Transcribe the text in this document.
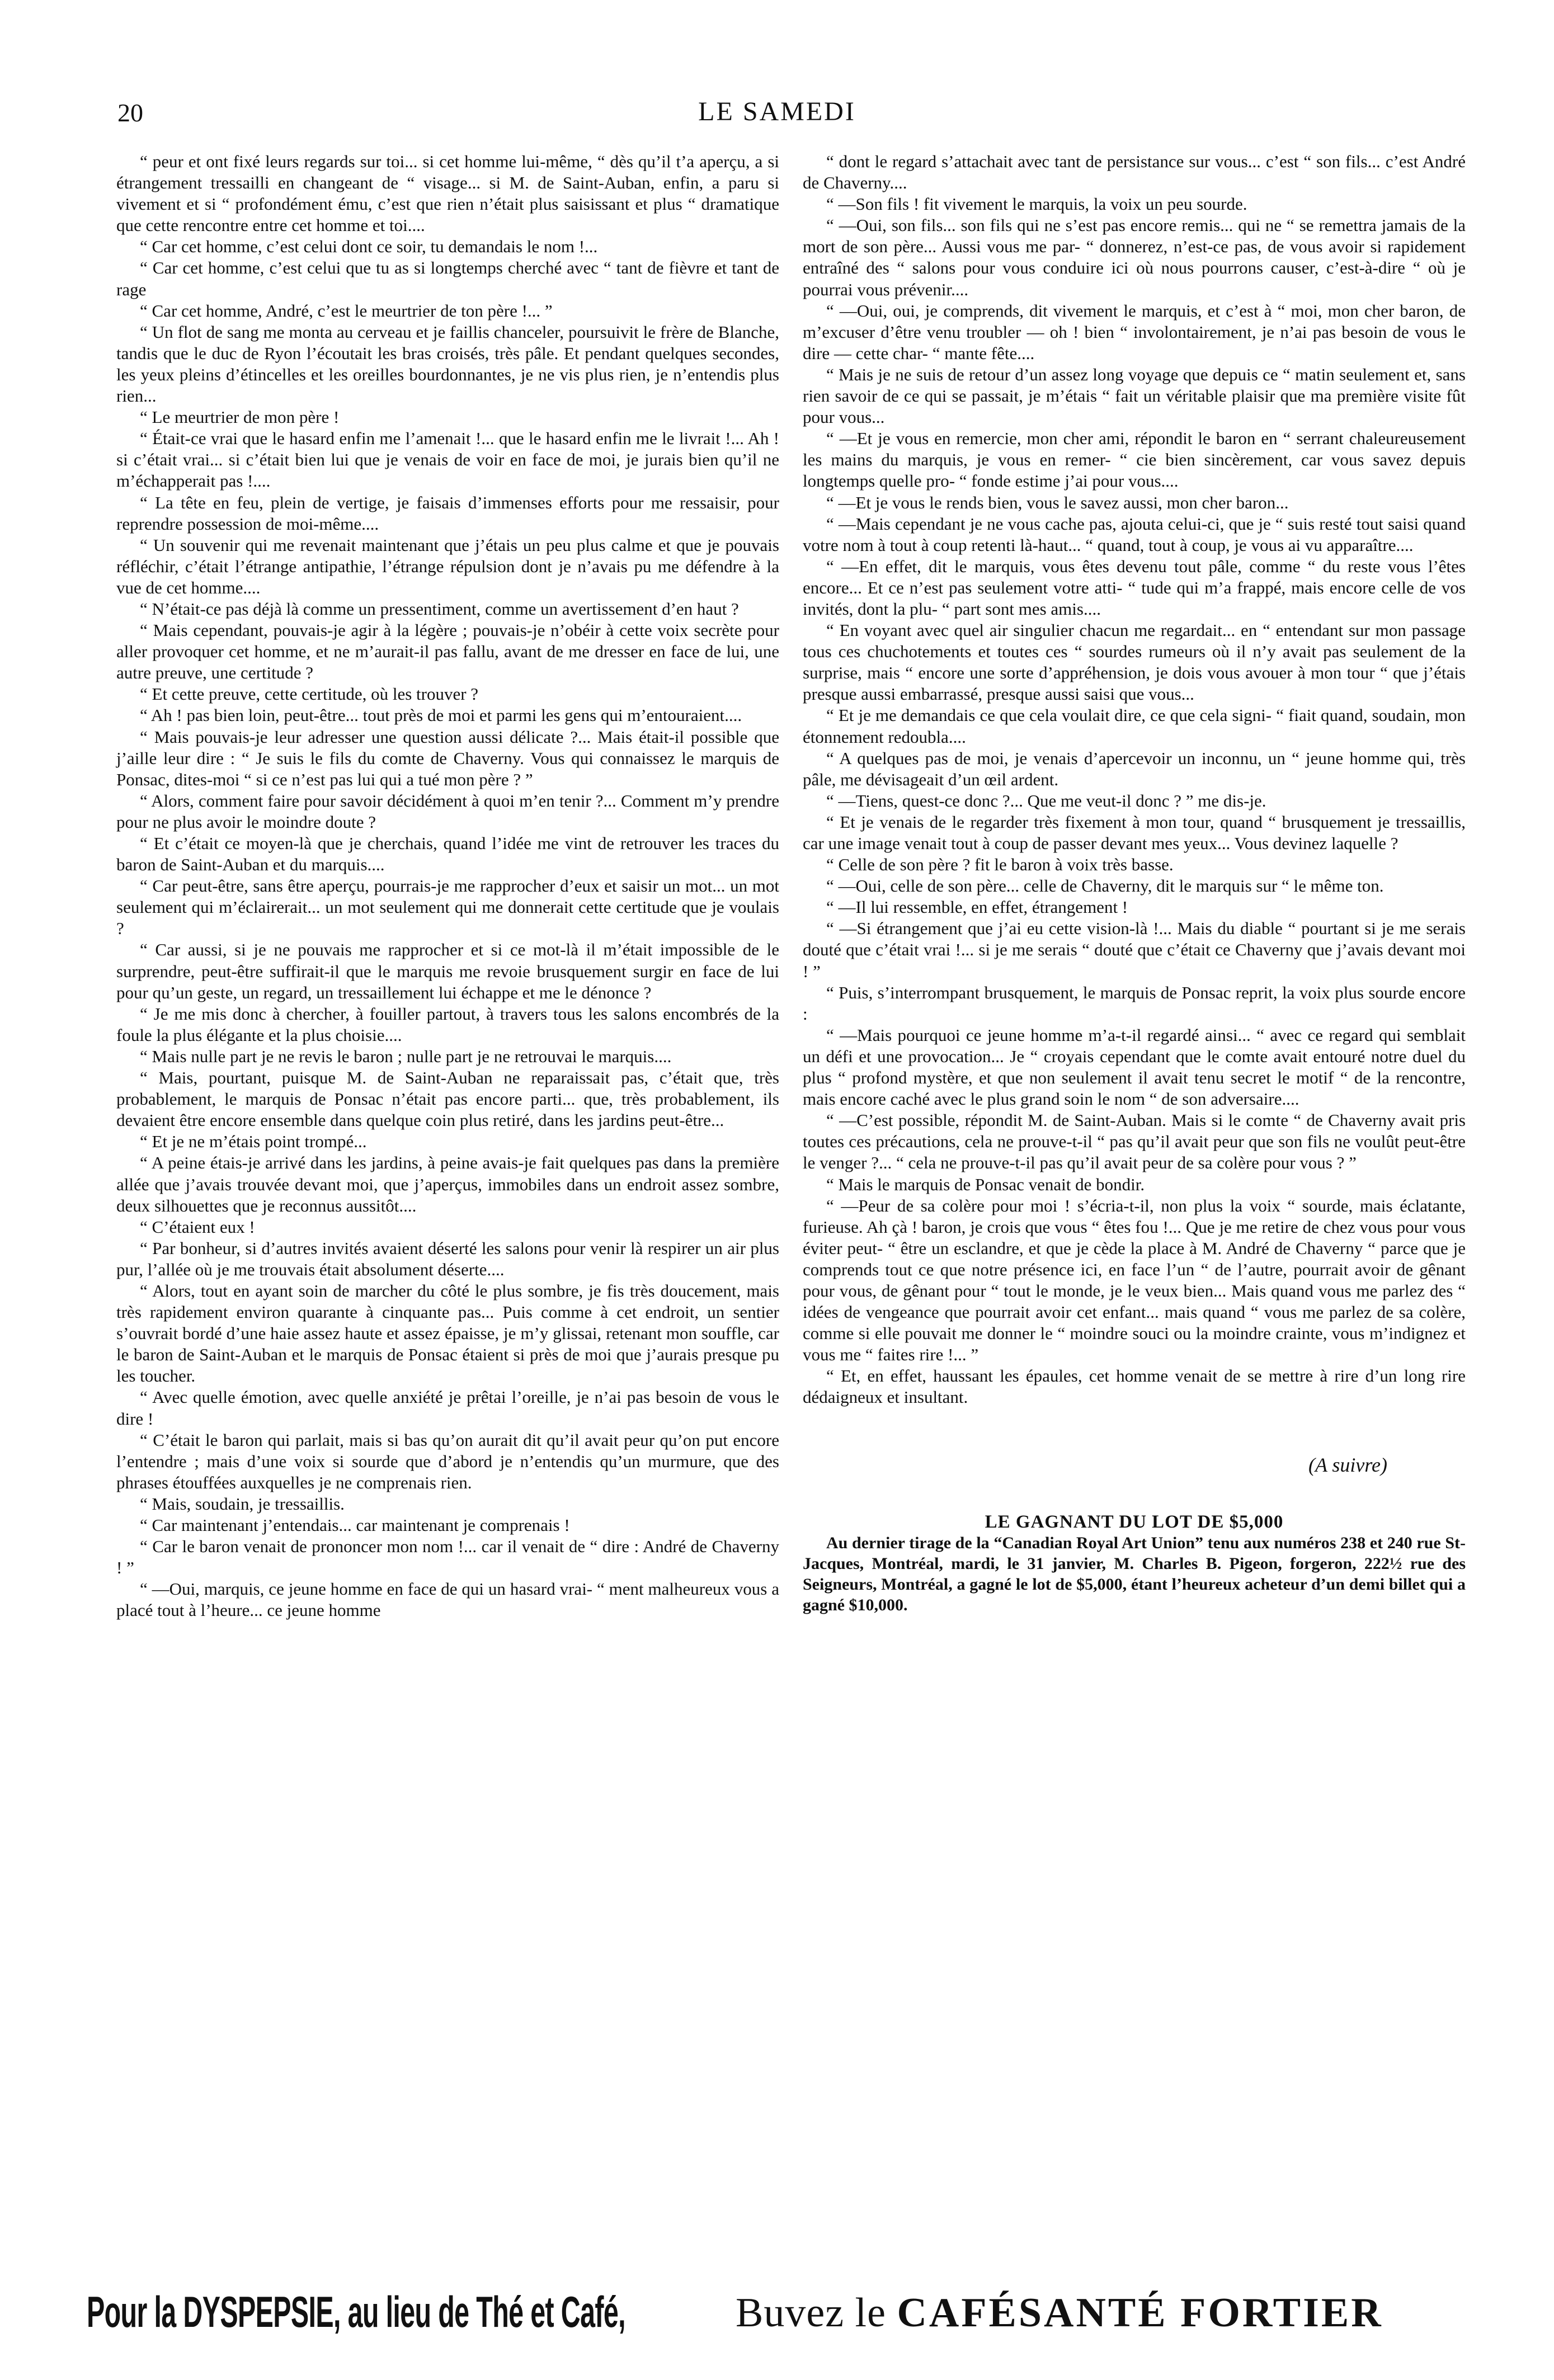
20	LE SAMEDI

“ peur et ont fixé leurs regards sur toi... si cet homme lui-même, “ dès qu’il t’a aperçu, a si étrangement tressailli en changeant de “ visage... si M. de Saint-Auban, enfin, a paru si vivement et si “ profondément ému, c’est que rien n’était plus saisissant et plus “ dramatique que cette rencontre entre cet homme et toi....

“ Car cet homme, c’est celui dont ce soir, tu demandais le nom !...

“ Car cet homme, c’est celui que tu as si longtemps cherché avec “ tant de fièvre et tant de rage

“ Car cet homme, André, c’est le meurtrier de ton père !... ”

“ Un flot de sang me monta au cerveau et je faillis chanceler, poursuivit le frère de Blanche, tandis que le duc de Ryon l’écoutait les bras croisés, très pâle. Et pendant quelques secondes, les yeux pleins d’étincelles et les oreilles bourdonnantes, je ne vis plus rien, je n’entendis plus rien...

“ Le meurtrier de mon père !

“ Était-ce vrai que le hasard enfin me l’amenait !... que le hasard enfin me le livrait !... Ah ! si c’était vrai... si c’était bien lui que je venais de voir en face de moi, je jurais bien qu’il ne m’échapperait pas !....

“ La tête en feu, plein de vertige, je faisais d’immenses efforts pour me ressaisir, pour reprendre possession de moi-même....

“ Un souvenir qui me revenait maintenant que j’étais un peu plus calme et que je pouvais réfléchir, c’était l’étrange antipathie, l’étrange répulsion dont je n’avais pu me défendre à la vue de cet homme....

“ N’était-ce pas déjà là comme un pressentiment, comme un avertissement d’en haut ?

“ Mais cependant, pouvais-je agir à la légère ; pouvais-je n’obéir à cette voix secrète pour aller provoquer cet homme, et ne m’aurait-il pas fallu, avant de me dresser en face de lui, une autre preuve, une certitude ?

“ Et cette preuve, cette certitude, où les trouver ?

“ Ah ! pas bien loin, peut-être... tout près de moi et parmi les gens qui m’entouraient....

“ Mais pouvais-je leur adresser une question aussi délicate ?... Mais était-il possible que j’aille leur dire : “ Je suis le fils du comte de Chaverny. Vous qui connaissez le marquis de Ponsac, dites-moi “ si ce n’est pas lui qui a tué mon père ? ”

“ Alors, comment faire pour savoir décidément à quoi m’en tenir ?... Comment m’y prendre pour ne plus avoir le moindre doute ?

“ Et c’était ce moyen-là que je cherchais, quand l’idée me vint de retrouver les traces du baron de Saint-Auban et du marquis....

“ Car peut-être, sans être aperçu, pourrais-je me rapprocher d’eux et saisir un mot... un mot seulement qui m’éclairerait... un mot seulement qui me donnerait cette certitude que je voulais ?

“ Car aussi, si je ne pouvais me rapprocher et si ce mot-là il m’était impossible de le surprendre, peut-être suffirait-il que le marquis me revoie brusquement surgir en face de lui pour qu’un geste, un regard, un tressaillement lui échappe et me le dénonce ?

“ Je me mis donc à chercher, à fouiller partout, à travers tous les salons encombrés de la foule la plus élégante et la plus choisie....

“ Mais nulle part je ne revis le baron ; nulle part je ne retrouvai le marquis....

“ Mais, pourtant, puisque M. de Saint-Auban ne reparaissait pas, c’était que, très probablement, le marquis de Ponsac n’était pas encore parti... que, très probablement, ils devaient être encore ensemble dans quelque coin plus retiré, dans les jardins peut-être...

“ Et je ne m’étais point trompé...

“ A peine étais-je arrivé dans les jardins, à peine avais-je fait quelques pas dans la première allée que j’avais trouvée devant moi, que j’aperçus, immobiles dans un endroit assez sombre, deux silhouettes que je reconnus aussitôt....

“ C’étaient eux !

“ Par bonheur, si d’autres invités avaient déserté les salons pour venir là respirer un air plus pur, l’allée où je me trouvais était absolument déserte....

“ Alors, tout en ayant soin de marcher du côté le plus sombre, je fis très doucement, mais très rapidement environ quarante à cinquante pas... Puis comme à cet endroit, un sentier s’ouvrait bordé d’une haie assez haute et assez épaisse, je m’y glissai, retenant mon souffle, car le baron de Saint-Auban et le marquis de Ponsac étaient si près de moi que j’aurais presque pu les toucher.

“ Avec quelle émotion, avec quelle anxiété je prêtai l’oreille, je n’ai pas besoin de vous le dire !

“ C’était le baron qui parlait, mais si bas qu’on aurait dit qu’il avait peur qu’on put encore l’entendre ; mais d’une voix si sourde que d’abord je n’entendis qu’un murmure, que des phrases étouffées auxquelles je ne comprenais rien.

“ Mais, soudain, je tressaillis.

“ Car maintenant j’entendais... car maintenant je comprenais !

“ Car le baron venait de prononcer mon nom !... car il venait de “ dire : André de Chaverny ! ”

“ —Oui, marquis, ce jeune homme en face de qui un hasard vrai- “ ment malheureux vous a placé tout à l’heure... ce jeune homme

“ dont le regard s’attachait avec tant de persistance sur vous... c’est “ son fils... c’est André de Chaverny....

“ —Son fils ! fit vivement le marquis, la voix un peu sourde.

“ —Oui, son fils... son fils qui ne s’est pas encore remis... qui ne “ se remettra jamais de la mort de son père... Aussi vous me par- “ donnerez, n’est-ce pas, de vous avoir si rapidement entraîné des “ salons pour vous conduire ici où nous pourrons causer, c’est-à-dire “ où je pourrai vous prévenir....

“ —Oui, oui, je comprends, dit vivement le marquis, et c’est à “ moi, mon cher baron, de m’excuser d’être venu troubler — oh ! bien “ involontairement, je n’ai pas besoin de vous le dire — cette char- “ mante fête....

“ Mais je ne suis de retour d’un assez long voyage que depuis ce “ matin seulement et, sans rien savoir de ce qui se passait, je m’étais “ fait un véritable plaisir que ma première visite fût pour vous...

“ —Et je vous en remercie, mon cher ami, répondit le baron en “ serrant chaleureusement les mains du marquis, je vous en remer- “ cie bien sincèrement, car vous savez depuis longtemps quelle pro- “ fonde estime j’ai pour vous....

“ —Et je vous le rends bien, vous le savez aussi, mon cher baron...

“ —Mais cependant je ne vous cache pas, ajouta celui-ci, que je “ suis resté tout saisi quand votre nom à tout à coup retenti là-haut... “ quand, tout à coup, je vous ai vu apparaître....

“ —En effet, dit le marquis, vous êtes devenu tout pâle, comme “ du reste vous l’êtes encore... Et ce n’est pas seulement votre atti- “ tude qui m’a frappé, mais encore celle de vos invités, dont la plu- “ part sont mes amis....

“ En voyant avec quel air singulier chacun me regardait... en “ entendant sur mon passage tous ces chuchotements et toutes ces “ sourdes rumeurs où il n’y avait pas seulement de la surprise, mais “ encore une sorte d’appréhension, je dois vous avouer à mon tour “ que j’étais presque aussi embarrassé, presque aussi saisi que vous...

“ Et je me demandais ce que cela voulait dire, ce que cela signi- “ fiait quand, soudain, mon étonnement redoubla....

“ A quelques pas de moi, je venais d’apercevoir un inconnu, un “ jeune homme qui, très pâle, me dévisageait d’un œil ardent.

“ —Tiens, quest-ce donc ?... Que me veut-il donc ? ” me dis-je.

“ Et je venais de le regarder très fixement à mon tour, quand “ brusquement je tressaillis, car une image venait tout à coup de passer devant mes yeux... Vous devinez laquelle ?

“ Celle de son père ? fit le baron à voix très basse.

“ —Oui, celle de son père... celle de Chaverny, dit le marquis sur “ le même ton.

“ —Il lui ressemble, en effet, étrangement !

“ —Si étrangement que j’ai eu cette vision-là !... Mais du diable “ pourtant si je me serais douté que c’était vrai !... si je me serais “ douté que c’était ce Chaverny que j’avais devant moi ! ”

“ Puis, s’interrompant brusquement, le marquis de Ponsac reprit, la voix plus sourde encore :

“ —Mais pourquoi ce jeune homme m’a-t-il regardé ainsi... “ avec ce regard qui semblait un défi et une provocation... Je “ croyais cependant que le comte avait entouré notre duel du plus “ profond mystère, et que non seulement il avait tenu secret le motif “ de la rencontre, mais encore caché avec le plus grand soin le nom “ de son adversaire....

“ —C’est possible, répondit M. de Saint-Auban. Mais si le comte “ de Chaverny avait pris toutes ces précautions, cela ne prouve-t-il “ pas qu’il avait peur que son fils ne voulût peut-être le venger ?... “ cela ne prouve-t-il pas qu’il avait peur de sa colère pour vous ? ”

“ Mais le marquis de Ponsac venait de bondir.

“ —Peur de sa colère pour moi ! s’écria-t-il, non plus la voix “ sourde, mais éclatante, furieuse. Ah çà ! baron, je crois que vous “ êtes fou !... Que je me retire de chez vous pour vous éviter peut- “ être un esclandre, et que je cède la place à M. André de Chaverny “ parce que je comprends tout ce que notre présence ici, en face l’un “ de l’autre, pourrait avoir de gênant pour vous, de gênant pour “ tout le monde, je le veux bien... Mais quand vous me parlez des “ idées de vengeance que pourrait avoir cet enfant... mais quand “ vous me parlez de sa colère, comme si elle pouvait me donner le “ moindre souci ou la moindre crainte, vous m’indignez et vous me “ faites rire !... ”

“ Et, en effet, haussant les épaules, cet homme venait de se mettre à rire d’un long rire dédaigneux et insultant.

(A suivre)
LE GAGNANT DU LOT DE $5,000

Au dernier tirage de la “Canadian Royal Art Union” tenu aux numéros 238 et 240 rue St-Jacques, Montréal, mardi, le 31 janvier, M. Charles B. Pigeon, forgeron, 222½ rue des Seigneurs, Montréal, a gagné le lot de $5,000, étant l’heureux acheteur d’un demi billet qui a gagné $10,000.

Pour la DYSPEPSIE, au lieu de Thé et Café,	Buvez le CAFÉSANTÉ FORTIER
